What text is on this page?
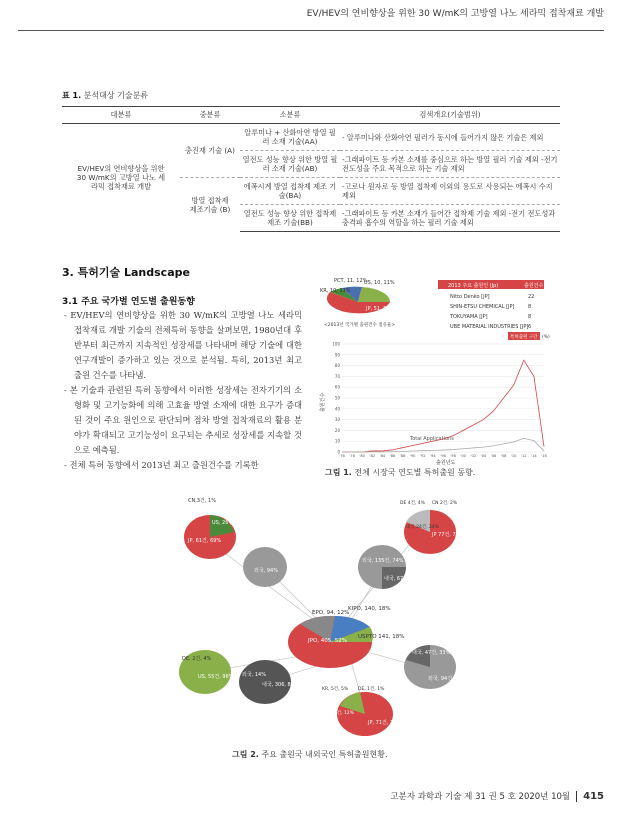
EV/HEV의 연비향상을 위한 30 W/mK의 고방열 나노 세라믹 접착재료 개발
표 1. 분석대상 기술분류
대분류	중분류	소분류	검색개요(기술범위)
EV/HEV의 연비향상을 위한 30 W/mK의 고방열 나노 세라믹 접착재료 개발	충진재 기술 (A)	알루미나 + 산화아연 방열 필러 소재 기술(AA)	- 알루미나와 산화아연 필러가 동시에 들어가지 않은 기술은 제외
		열전도 성능 향상 위한 방열 필러 소재 기술(AB)	-그래파이트 등 카본 소재를 중심으로 하는 방열 필러 기술 제외 -전기 전도성을 주요 목적으로 하는 기술 제외
	방열 접착제 제조기술 (B)	에폭시계 방열 접착제 제조 기술(BA)	-고로나 원자로 등 방열 접착제 이외의 용도로 사용되는 에폭시 수지 제외
		열전도 성능 향상 위한 접착제 제조 기술(BB)	-그래파이트 등 카본 소재가 들어간 접착제 기술 제외 -전기 전도성과 충격파 흡수의 역할을 하는 필러 기술 제외
3. 특허기술 Landscape
3.1 주요 국가별 연도별 출원동향

- EV/HEV의 연비향상을 위한 30 W/mK의 고방열 나노 세라믹 접착재료 개발 기술의 전체특허 동향을 살펴보면, 1980년대 후반부터 최근까지 지속적인 성장세를 나타내며 해당 기술에 대한 연구개발이 증가하고 있는 것으로 분석됨. 특히, 2013년 최고 출원 건수를 나타냄.

- 본 기술과 관련된 특허 동향에서 이러한 성장세는 전자기기의 소형화 및 고기능화에 의해 고효율 방열 소재에 대한 요구가 증대된 것이 주요 원인으로 판단되며 점차 방열 접착재료의 활용 분야가 확대되고 고기능성이 요구되는 추세로 성장세를 지속할 것으로 예측됨.

- 전체 특허 동향에서 2013년 최고 출원건수를 기록한

PCT, 11, 12%
KR, 10, 11%
US, 10, 11%
JP, 51, 58%
<2013년 국가별 출원건수 점유율>
2013 주요 출원인 (Jp)	출원건수
Nitto Denko [JP]	22
SHIN-ETSU CHEMICAL [JP]	8
TOKUYAMA [JP]	8
UBE MATERIAL INDUSTRIES [JP] 6
특허출원 구간 (%)
출원건수
출원년도
Total Applications
0
10
20
30
40
50
60
70
80
90
100
'76 '78 '80 '82 '84 '86 '88 '90 '92 '94 '96 '98 '00 '02 '04 '06 '08 '10 '12 '14 '16
그림 1. 전체 시장국 연도별 특허출원 동향.
JPO, 405, 52%
KIPO, 140, 18%
USPTO 141, 18%
EPO, 94, 12%
CN,3건, 1%
US, 26건, 30%
JP, 61건, 69%
외국, 94%
DE 4건, 4% CN 2건, 2%
JP 77건, 75%
내국 24건, 24%
외국, 135건, 74%
내국, 67건, 26%
DE, 2건, 4%
US, 55건, 96%
내국, 306, 86%
외국, 14%
내국, 47건, 33%
외국, 94건, 67%
KR, 5건, 5% DE, 1건, 1%
US, 11건, 12%
JP, 71건, 76%
그림 2. 주요 출원국 내외국인 특허출원현황.
고분자 과학과 기술 제 31 권 5 호 2020년 10월 415
